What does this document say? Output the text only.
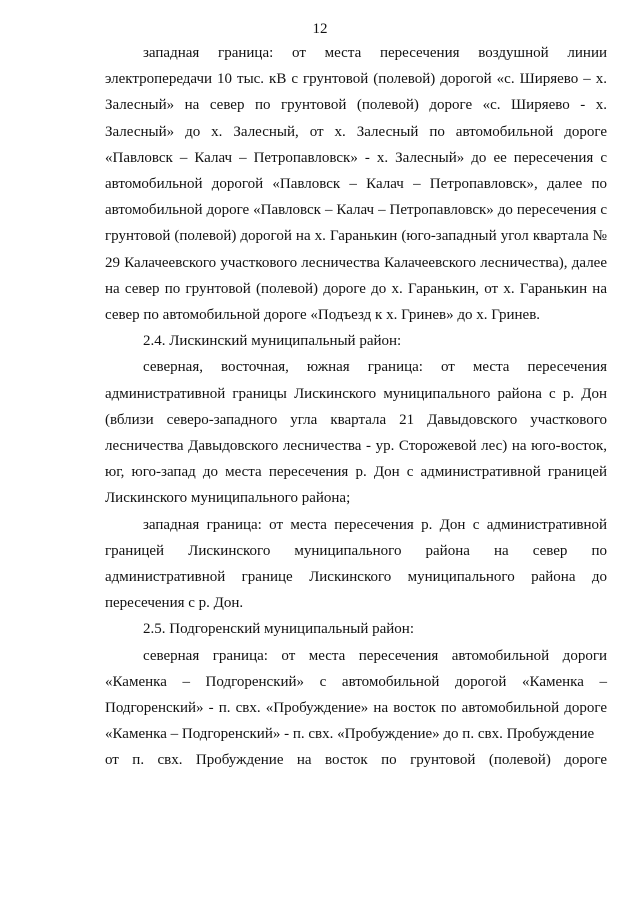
12

западная граница: от места пересечения воздушной линии электропередачи 10 тыс. кВ с грунтовой (полевой) дорогой «с. Ширяево – х. Залесный» на север по грунтовой (полевой) дороге «с. Ширяево - х. Залесный» до х. Залесный, от х. Залесный по автомобильной дороге «Павловск – Калач – Петропавловск» - х. Залесный» до ее пересечения с автомобильной дорогой «Павловск – Калач – Петропавловск», далее по автомобильной дороге «Павловск – Калач – Петропавловск» до пересечения с грунтовой (полевой) дорогой на х. Гаранькин (юго-западный угол квартала № 29 Калачеевского участкового лесничества Калачеевского лесничества), далее на север по грунтовой (полевой) дороге до х. Гаранькин, от х. Гаранькин на север по автомобильной дороге «Подъезд к х. Гринев» до х. Гринев.

2.4. Лискинский муниципальный район:

северная, восточная, южная граница: от места пересечения административной границы Лискинского муниципального района с р. Дон (вблизи северо-западного угла квартала 21 Давыдовского участкового лесничества Давыдовского лесничества - ур. Сторожевой лес) на юго-восток, юг, юго-запад до места пересечения р. Дон с административной границей Лискинского муниципального района;

западная граница: от места пересечения р. Дон с административной границей Лискинского муниципального района на север по административной границе Лискинского муниципального района до пересечения с р. Дон.

2.5. Подгоренский муниципальный район:

северная граница: от места пересечения автомобильной дороги «Каменка – Подгоренский» с автомобильной дорогой «Каменка – Подгоренский» - п. свх. «Пробуждение» на восток по автомобильной дороге «Каменка – Подгоренский» - п. свх. «Пробуждение» до п. свх. Пробуждение

от п. свх. Пробуждение на восток по грунтовой (полевой) дороге
